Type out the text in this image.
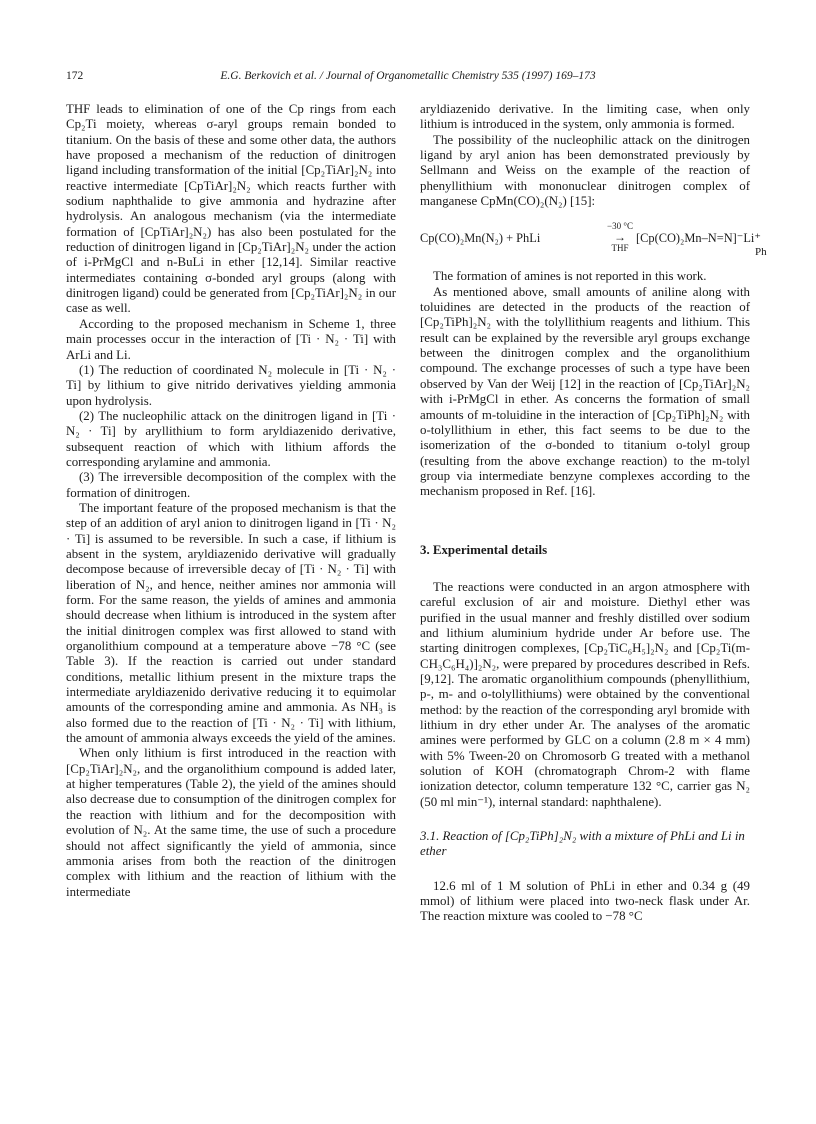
172	E.G. Berkovich et al. / Journal of Organometallic Chemistry 535 (1997) 169–173

THF leads to elimination of one of the Cp rings from each Cp₂Ti moiety, whereas σ-aryl groups remain bonded to titanium. On the basis of these and some other data, the authors have proposed a mechanism of the reduction of dinitrogen ligand including transformation of the initial [Cp₂TiAr]₂N₂ into reactive intermediate [CpTiAr]₂N₂ which reacts further with sodium naphthalide to give ammonia and hydrazine after hydrolysis. An analogous mechanism (via the intermediate formation of [CpTiAr]₂N₂) has also been postulated for the reduction of dinitrogen ligand in [Cp₂TiAr]₂N₂ under the action of i-PrMgCl and n-BuLi in ether [12,14]. Similar reactive intermediates containing σ-bonded aryl groups (along with dinitrogen ligand) could be generated from [Cp₂TiAr]₂N₂ in our case as well.

According to the proposed mechanism in Scheme 1, three main processes occur in the interaction of [Ti · N₂ · Ti] with ArLi and Li.

(1) The reduction of coordinated N₂ molecule in [Ti · N₂ · Ti] by lithium to give nitrido derivatives yielding ammonia upon hydrolysis.

(2) The nucleophilic attack on the dinitrogen ligand in [Ti · N₂ · Ti] by aryllithium to form aryldiazenido derivative, subsequent reaction of which with lithium affords the corresponding arylamine and ammonia.

(3) The irreversible decomposition of the complex with the formation of dinitrogen.

The important feature of the proposed mechanism is that the step of an addition of aryl anion to dinitrogen ligand in [Ti · N₂ · Ti] is assumed to be reversible. In such a case, if lithium is absent in the system, aryldiazenido derivative will gradually decompose because of irreversible decay of [Ti · N₂ · Ti] with liberation of N₂, and hence, neither amines nor ammonia will form. For the same reason, the yields of amines and ammonia should decrease when lithium is introduced in the system after the initial dinitrogen complex was first allowed to stand with organolithium compound at a temperature above −78 °C (see Table 3). If the reaction is carried out under standard conditions, metallic lithium present in the mixture traps the intermediate aryldiazenido derivative reducing it to equimolar amounts of the corresponding amine and ammonia. As NH₃ is also formed due to the reaction of [Ti · N₂ · Ti] with lithium, the amount of ammonia always exceeds the yield of the amines.

When only lithium is first introduced in the reaction with [Cp₂TiAr]₂N₂, and the organolithium compound is added later, at higher temperatures (Table 2), the yield of the amines should also decrease due to consumption of the dinitrogen complex for the reaction with lithium and for the decomposition with evolution of N₂. At the same time, the use of such a procedure should not affect significantly the yield of ammonia, since ammonia arises from both the reaction of the dinitrogen complex with lithium and the reaction of lithium with the intermediate

aryldiazenido derivative. In the limiting case, when only lithium is introduced in the system, only ammonia is formed.

The possibility of the nucleophilic attack on the dinitrogen ligand by aryl anion has been demonstrated previously by Sellmann and Weiss on the example of the reaction of phenyllithium with mononuclear dinitrogen complex of manganese CpMn(CO)₂(N₂) [15]:

Cp(CO)₂Mn(N₂) + PhLi
−30 °C
→
THF
[Cp(CO)₂Mn–N=N]⁻Li⁺
Ph

The formation of amines is not reported in this work.

As mentioned above, small amounts of aniline along with toluidines are detected in the products of the reaction of [Cp₂TiPh]₂N₂ with the tolyllithium reagents and lithium. This result can be explained by the reversible aryl groups exchange between the dinitrogen complex and the organolithium compound. The exchange processes of such a type have been observed by Van der Weij [12] in the reaction of [Cp₂TiAr]₂N₂ with i-PrMgCl in ether. As concerns the formation of small amounts of m-toluidine in the interaction of [Cp₂TiPh]₂N₂ with o-tolyllithium in ether, this fact seems to be due to the isomerization of the σ-bonded to titanium o-tolyl group (resulting from the above exchange reaction) to the m-tolyl group via intermediate benzyne complexes according to the mechanism proposed in Ref. [16].

3. Experimental details

The reactions were conducted in an argon atmosphere with careful exclusion of air and moisture. Diethyl ether was purified in the usual manner and freshly distilled over sodium and lithium aluminium hydride under Ar before use. The starting dinitrogen complexes, [Cp₂TiC₆H₅]₂N₂ and [Cp₂Ti(m-CH₃C₆H₄)]₂N₂, were prepared by procedures described in Refs. [9,12]. The aromatic organolithium compounds (phenyllithium, p-, m- and o-tolyllithiums) were obtained by the conventional method: by the reaction of the corresponding aryl bromide with lithium in dry ether under Ar. The analyses of the aromatic amines were performed by GLC on a column (2.8 m × 4 mm) with 5% Tween-20 on Chromosorb G treated with a methanol solution of KOH (chromatograph Chrom-2 with flame ionization detector, column temperature 132 °C, carrier gas N₂ (50 ml min⁻¹), internal standard: naphthalene).

3.1. Reaction of [Cp₂TiPh]₂N₂ with a mixture of PhLi and Li in ether

12.6 ml of 1 M solution of PhLi in ether and 0.34 g (49 mmol) of lithium were placed into two-neck flask under Ar. The reaction mixture was cooled to −78 °C
